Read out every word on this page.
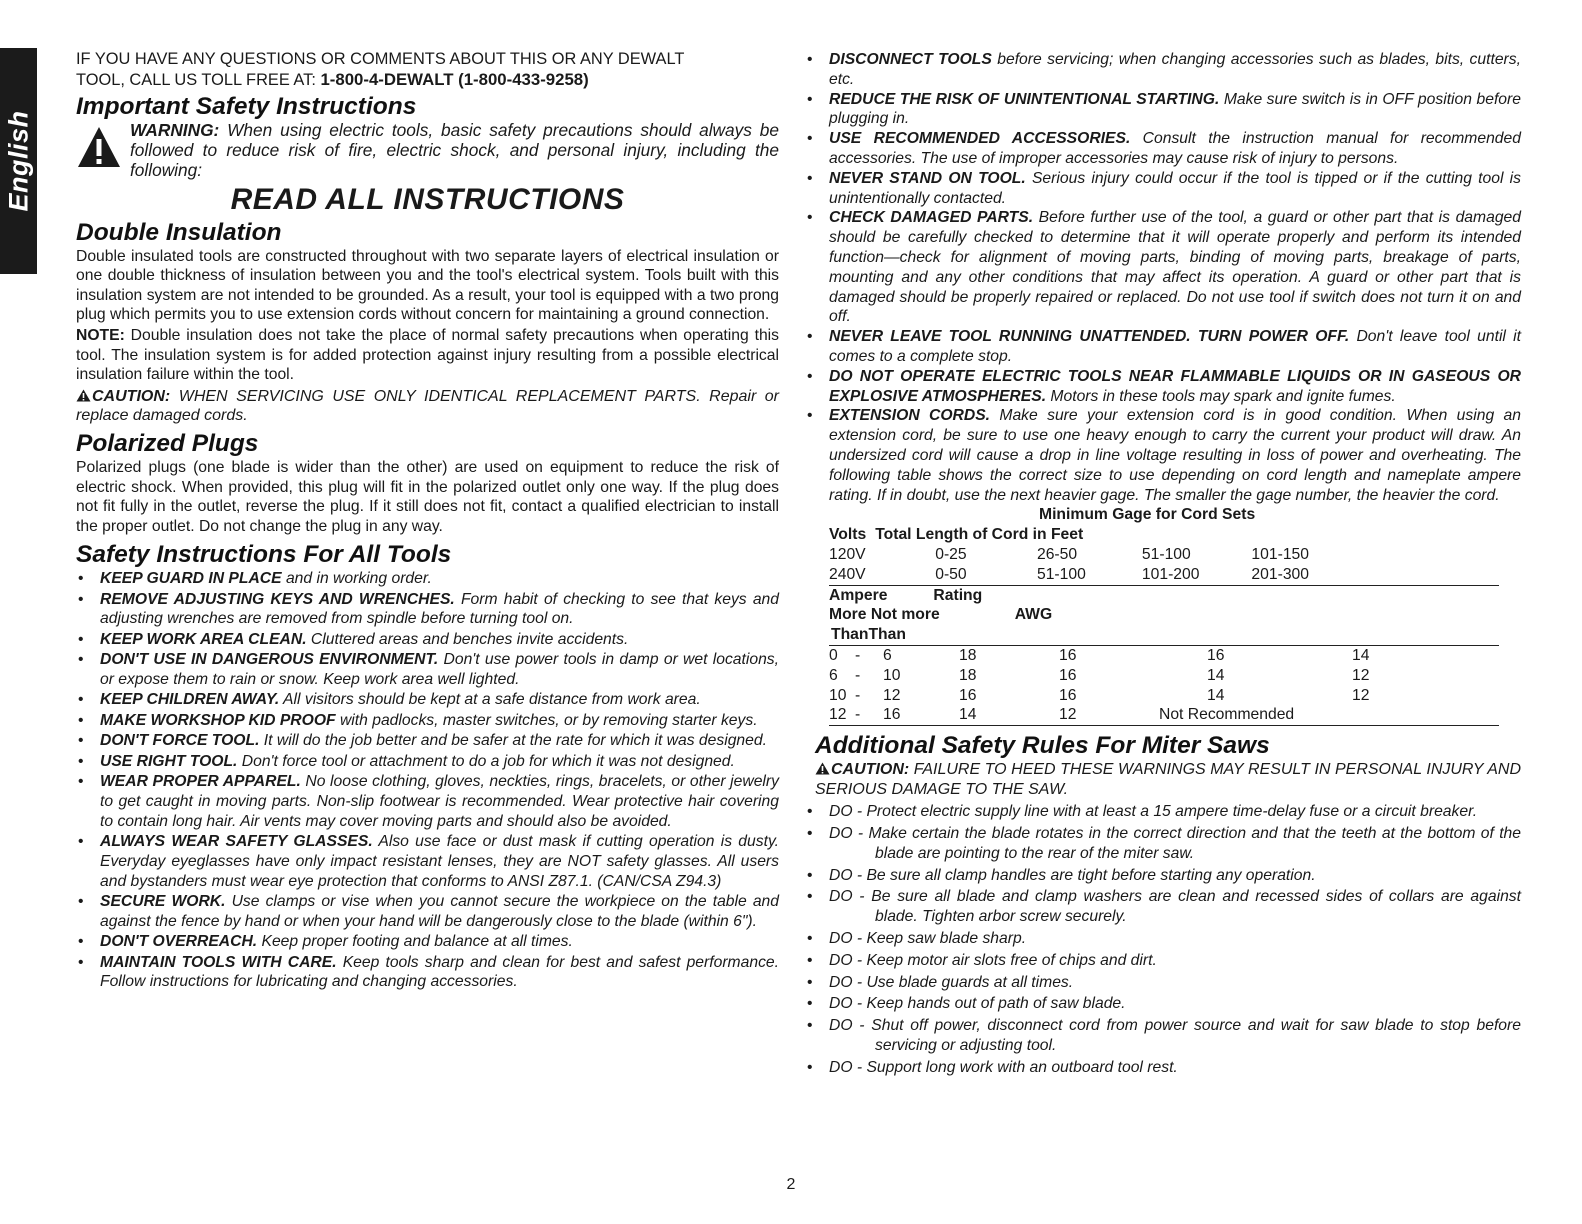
English

IF YOU HAVE ANY QUESTIONS OR COMMENTS ABOUT THIS OR ANY DEWALT
TOOL, CALL US TOLL FREE AT: 1-800-4-DEWALT (1-800-433-9258)

Important Safety Instructions
WARNING: When using electric tools, basic safety precautions should always be followed to reduce risk of fire, electric shock, and personal injury, including the following:
READ ALL INSTRUCTIONS
Double Insulation

Double insulated tools are constructed throughout with two separate layers of electrical insulation or one double thickness of insulation between you and the tool's electrical system. Tools built with this insulation system are not intended to be grounded. As a result, your tool is equipped with a two prong plug which permits you to use extension cords without concern for maintaining a ground connection.

NOTE: Double insulation does not take the place of normal safety precautions when operating this tool. The insulation system is for added protection against injury resulting from a possible electrical insulation failure within the tool.

CAUTION: WHEN SERVICING USE ONLY IDENTICAL REPLACEMENT PARTS. Repair or replace damaged cords.

Polarized Plugs

Polarized plugs (one blade is wider than the other) are used on equipment to reduce the risk of electric shock. When provided, this plug will fit in the polarized outlet only one way. If the plug does not fit fully in the outlet, reverse the plug. If it still does not fit, contact a qualified electrician to install the proper outlet. Do not change the plug in any way.

Safety Instructions For All Tools
• KEEP GUARD IN PLACE and in working order.
• REMOVE ADJUSTING KEYS AND WRENCHES. Form habit of checking to see that keys and adjusting wrenches are removed from spindle before turning tool on.
• KEEP WORK AREA CLEAN. Cluttered areas and benches invite accidents.
• DON'T USE IN DANGEROUS ENVIRONMENT. Don't use power tools in damp or wet locations, or expose them to rain or snow. Keep work area well lighted.
• KEEP CHILDREN AWAY. All visitors should be kept at a safe distance from work area.
• MAKE WORKSHOP KID PROOF with padlocks, master switches, or by removing starter keys.
• DON'T FORCE TOOL. It will do the job better and be safer at the rate for which it was designed.
• USE RIGHT TOOL. Don't force tool or attachment to do a job for which it was not designed.
• WEAR PROPER APPAREL. No loose clothing, gloves, neckties, rings, bracelets, or other jewelry to get caught in moving parts. Non-slip footwear is recommended. Wear protective hair covering to contain long hair. Air vents may cover moving parts and should also be avoided.
• ALWAYS WEAR SAFETY GLASSES. Also use face or dust mask if cutting operation is dusty. Everyday eyeglasses have only impact resistant lenses, they are NOT safety glasses. All users and bystanders must wear eye protection that conforms to ANSI Z87.1. (CAN/CSA Z94.3)
• SECURE WORK. Use clamps or vise when you cannot secure the workpiece on the table and against the fence by hand or when your hand will be dangerously close to the blade (within 6").
• DON'T OVERREACH. Keep proper footing and balance at all times.
• MAINTAIN TOOLS WITH CARE. Keep tools sharp and clean for best and safest performance. Follow instructions for lubricating and changing accessories.
• DISCONNECT TOOLS before servicing; when changing accessories such as blades, bits, cutters, etc.
• REDUCE THE RISK OF UNINTENTIONAL STARTING. Make sure switch is in OFF position before plugging in.
• USE RECOMMENDED ACCESSORIES. Consult the instruction manual for recommended accessories. The use of improper accessories may cause risk of injury to persons.
• NEVER STAND ON TOOL. Serious injury could occur if the tool is tipped or if the cutting tool is unintentionally contacted.
• CHECK DAMAGED PARTS. Before further use of the tool, a guard or other part that is damaged should be carefully checked to determine that it will operate properly and perform its intended function—check for alignment of moving parts, binding of moving parts, breakage of parts, mounting and any other conditions that may affect its operation. A guard or other part that is damaged should be properly repaired or replaced. Do not use tool if switch does not turn it on and off.
• NEVER LEAVE TOOL RUNNING UNATTENDED. TURN POWER OFF. Don't leave tool until it comes to a complete stop.
• DO NOT OPERATE ELECTRIC TOOLS NEAR FLAMMABLE LIQUIDS OR IN GASEOUS OR EXPLOSIVE ATMOSPHERES. Motors in these tools may spark and ignite fumes.
• EXTENSION CORDS. Make sure your extension cord is in good condition. When using an extension cord, be sure to use one heavy enough to carry the current your product will draw. An undersized cord will cause a drop in line voltage resulting in loss of power and overheating. The following table shows the correct size to use depending on cord length and nameplate ampere rating. If in doubt, use the next heavier gage. The smaller the gage number, the heavier the cord.
Minimum Gage for Cord Sets
Volts	Total Length of Cord in Feet			
120V	0-25	26-50	51-100	101-150
240V	0-50	51-100	101-200	201-300
Ampere	Rating
More Not more	AWG
ThanThan
0	-	6	18	16	16	14
6	-	10	18	16	14	12
10	-	12	16	16	14	12
12	-	16	14	12	Not Recommended	
Additional Safety Rules For Miter Saws

CAUTION: FAILURE TO HEED THESE WARNINGS MAY RESULT IN PERSONAL INJURY AND SERIOUS DAMAGE TO THE SAW.

• DO - Protect electric supply line with at least a 15 ampere time-delay fuse or a circuit breaker.
• DO - Make certain the blade rotates in the correct direction and that the teeth at the bottom of the blade are pointing to the rear of the miter saw.
• DO - Be sure all clamp handles are tight before starting any operation.
• DO - Be sure all blade and clamp washers are clean and recessed sides of collars are against blade. Tighten arbor screw securely.
• DO - Keep saw blade sharp.
• DO - Keep motor air slots free of chips and dirt.
• DO - Use blade guards at all times.
• DO - Keep hands out of path of saw blade.
• DO - Shut off power, disconnect cord from power source and wait for saw blade to stop before servicing or adjusting tool.
• DO - Support long work with an outboard tool rest.
2
